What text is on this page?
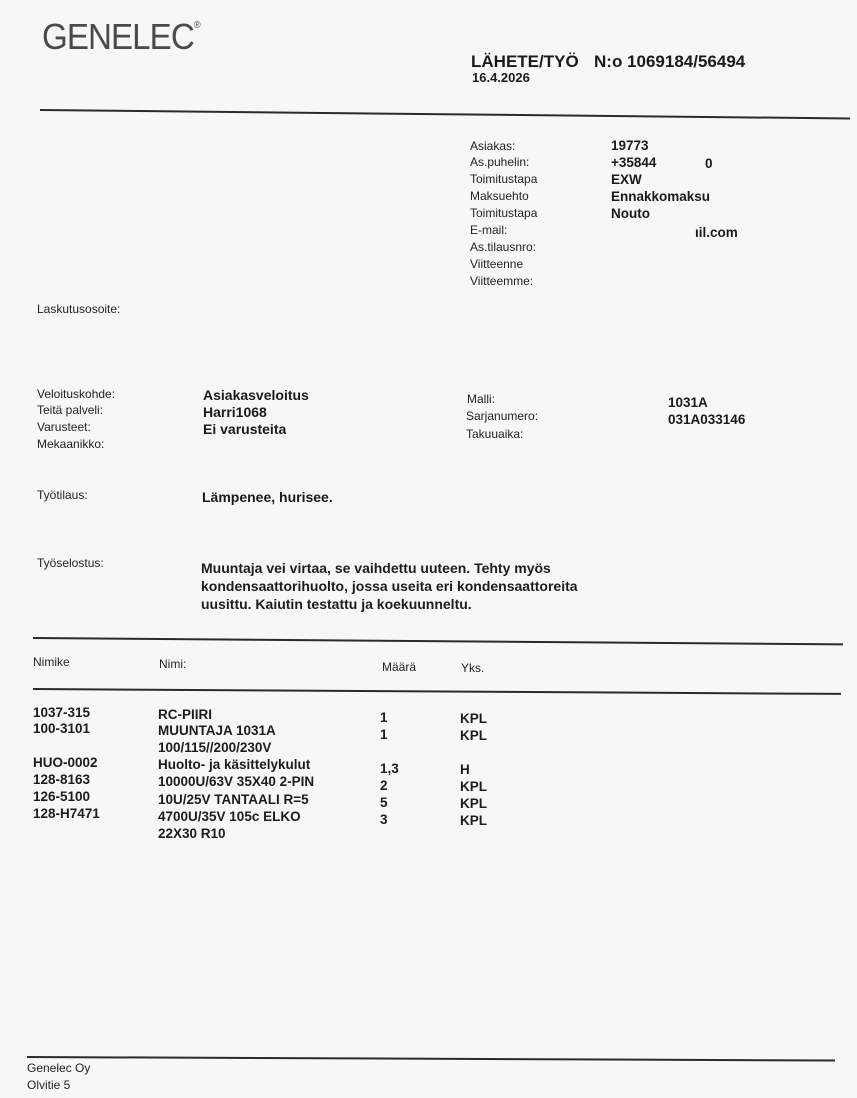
GENELEC®
LÄHETE/TYÖ N:o 1069184/56494
16.4.2026
Asiakas:	19773
As.puhelin:	+35844	0
Toimitustapa	EXW
Maksuehto	Ennakkomaksu
Toimitustapa	Nouto
E-mail:	ıil.com
As.tilausnro:
Viitteenne
Viitteemme:
Laskutusosoite:
Veloituskohde:	Asiakasveloitus
Teitä palveli:	Harri1068
Varusteet:	Ei varusteita
Mekaanikko:
Malli:	1031A
Sarjanumero:	031A033146
Takuuaika:
Työtilaus:	Lämpenee, hurisee.
Työselostus:	Muuntaja vei virtaa, se vaihdettu uuteen. Tehty myös
kondensaattorihuolto, jossa useita eri kondensaattoreita
uusittu. Kaiutin testattu ja koekuunneltu.
Nimike	Nimi:	Määrä	Yks.
1037-315	RC-PIIRI	1	KPL
100-3101	MUUNTAJA 1031A	1	KPL
100/115//200/230V
HUO-0002	Huolto- ja käsittelykulut	1,3	H
128-8163	10000U/63V 35X40 2-PIN	2	KPL
126-5100	10U/25V TANTAALI R=5	5	KPL
128-H7471	4700U/35V 105c ELKO	3	KPL
22X30 R10
Genelec Oy
Olvitie 5
